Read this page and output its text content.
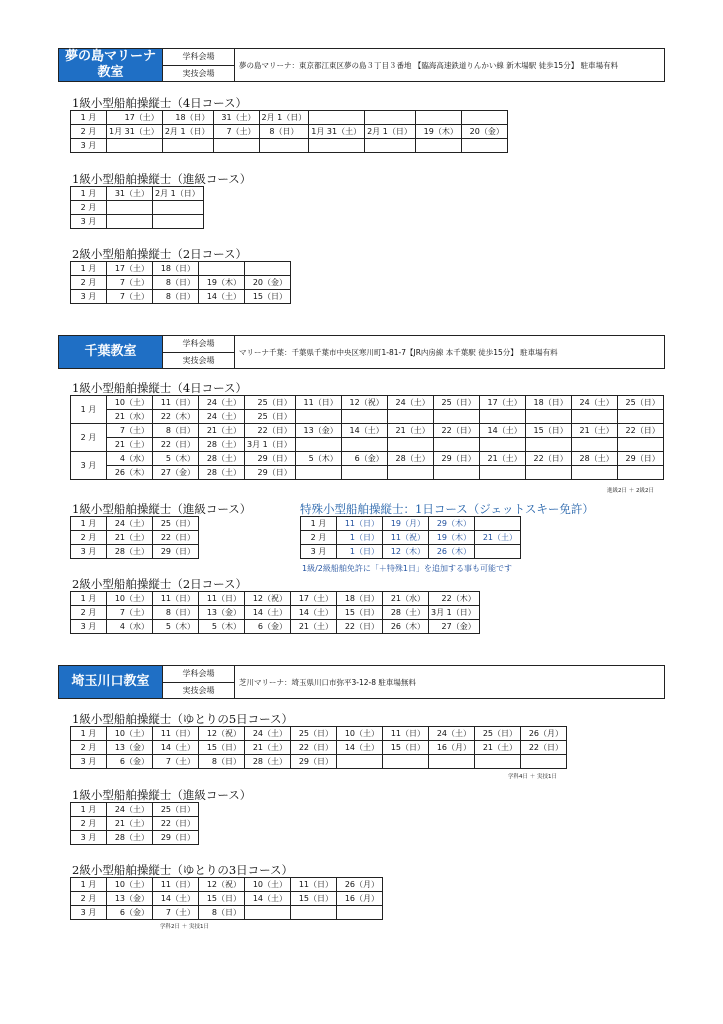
夢の島マリーナ教室
学科会場
実技会場
夢の島マリーナ：東京都江東区夢の島３丁目３番地 【臨海高速鉄道りんかい線 新木場駅 徒歩15分】 駐車場有料
1級小型船舶操縦士（4日コース）
1 月	17（土）	18（日）	31（土）	2月 1（日）				
2 月	1月 31（土）	2月 1（日）	7（土）	8（日）	1月 31（土）	2月 1（日）	19（木）	20（金）
3 月								
1級小型船舶操縦士（進級コース）
1 月	31（土）	2月 1（日）
2 月		
3 月		
2級小型船舶操縦士（2日コース）
1 月	17（土）	18（日）		
2 月	7（土）	8（日）	19（木）	20（金）
3 月	7（土）	8（日）	14（土）	15（日）
千葉教室
学科会場
実技会場
マリーナ千葉：千葉県千葉市中央区寒川町1-81-7【JR内房線 本千葉駅 徒歩15分】 駐車場有料
1級小型船舶操縦士（4日コース）
1 月	10（土）	11（日）	24（土）	25（日）	11（日）	12（祝）	24（土）	25（日）	17（土）	18（日）	24（土）	25（日）
	21（水）	22（木）	24（土）	25（日）								
2 月	7（土）	8（日）	21（土）	22（日）	13（金）	14（土）	21（土）	22（日）	14（土）	15（日）	21（土）	22（日）
	21（土）	22（日）	28（土）	3月 1（日）								
3 月	4（水）	5（木）	28（土）	29（日）	5（木）	6（金）	28（土）	29（日）	21（土）	22（日）	28（土）	29（日）
	26（木）	27（金）	28（土）	29（日）								
進級2日 ＋ 2級2日
1級小型船舶操縦士（進級コース）
1 月	24（土）	25（日）
2 月	21（土）	22（日）
3 月	28（土）	29（日）
特殊小型船舶操縦士：1日コース（ジェットスキー免許）
1 月	11（日）	19（月）	29（木）	
2 月	1（日）	11（祝）	19（木）	21（土）
3 月	1（日）	12（木）	26（木）	
1級/2級船舶免許に「＋特殊1日」を追加する事も可能です
2級小型船舶操縦士（2日コース）
1 月	10（土）	11（日）	11（日）	12（祝）	17（土）	18（日）	21（水）	22（木）
2 月	7（土）	8（日）	13（金）	14（土）	14（土）	15（日）	28（土）	3月 1（日）
3 月	4（水）	5（木）	5（木）	6（金）	21（土）	22（日）	26（木）	27（金）
埼玉川口教室
学科会場
実技会場
芝川マリーナ：埼玉県川口市弥平3-12-8 駐車場無料
1級小型船舶操縦士（ゆとりの5日コース）
1 月	10（土）	11（日）	12（祝）	24（土）	25（日）	10（土）	11（日）	24（土）	25（日）	26（月）
2 月	13（金）	14（土）	15（日）	21（土）	22（日）	14（土）	15（日）	16（月）	21（土）	22（日）
3 月	6（金）	7（土）	8（日）	28（土）	29（日）					
学科4日 ＋ 実技1日
1級小型船舶操縦士（進級コース）
1 月	24（土）	25（日）
2 月	21（土）	22（日）
3 月	28（土）	29（日）
2級小型船舶操縦士（ゆとりの3日コース）
1 月	10（土）	11（日）	12（祝）	10（土）	11（日）	26（月）
2 月	13（金）	14（土）	15（日）	14（土）	15（日）	16（月）
3 月	6（金）	7（土）	8（日）			
学科2日 ＋ 実技1日
